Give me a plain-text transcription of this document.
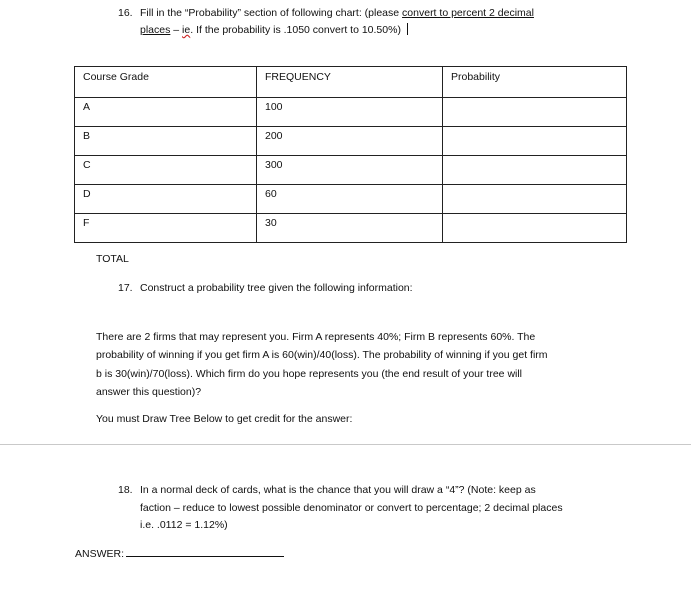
16. Fill in the “Probability” section of following chart: (please convert to percent 2 decimal
places – ie. If the probability is .1050 convert to 10.50%)
Course Grade	FREQUENCY	Probability
A	100	
B	200	
C	300	
D	60	
F	30	
TOTAL
17. Construct a probability tree given the following information:
There are 2 firms that may represent you. Firm A represents 40%; Firm B represents 60%. The
probability of winning if you get firm A is 60(win)/40(loss). The probability of winning if you get firm
b is 30(win)/70(loss). Which firm do you hope represents you (the end result of your tree will
answer this question)?
You must Draw Tree Below to get credit for the answer:
18. In a normal deck of cards, what is the chance that you will draw a “4”? (Note: keep as
faction – reduce to lowest possible denominator or convert to percentage; 2 decimal places
i.e. .0112 = 1.12%)
ANSWER:
